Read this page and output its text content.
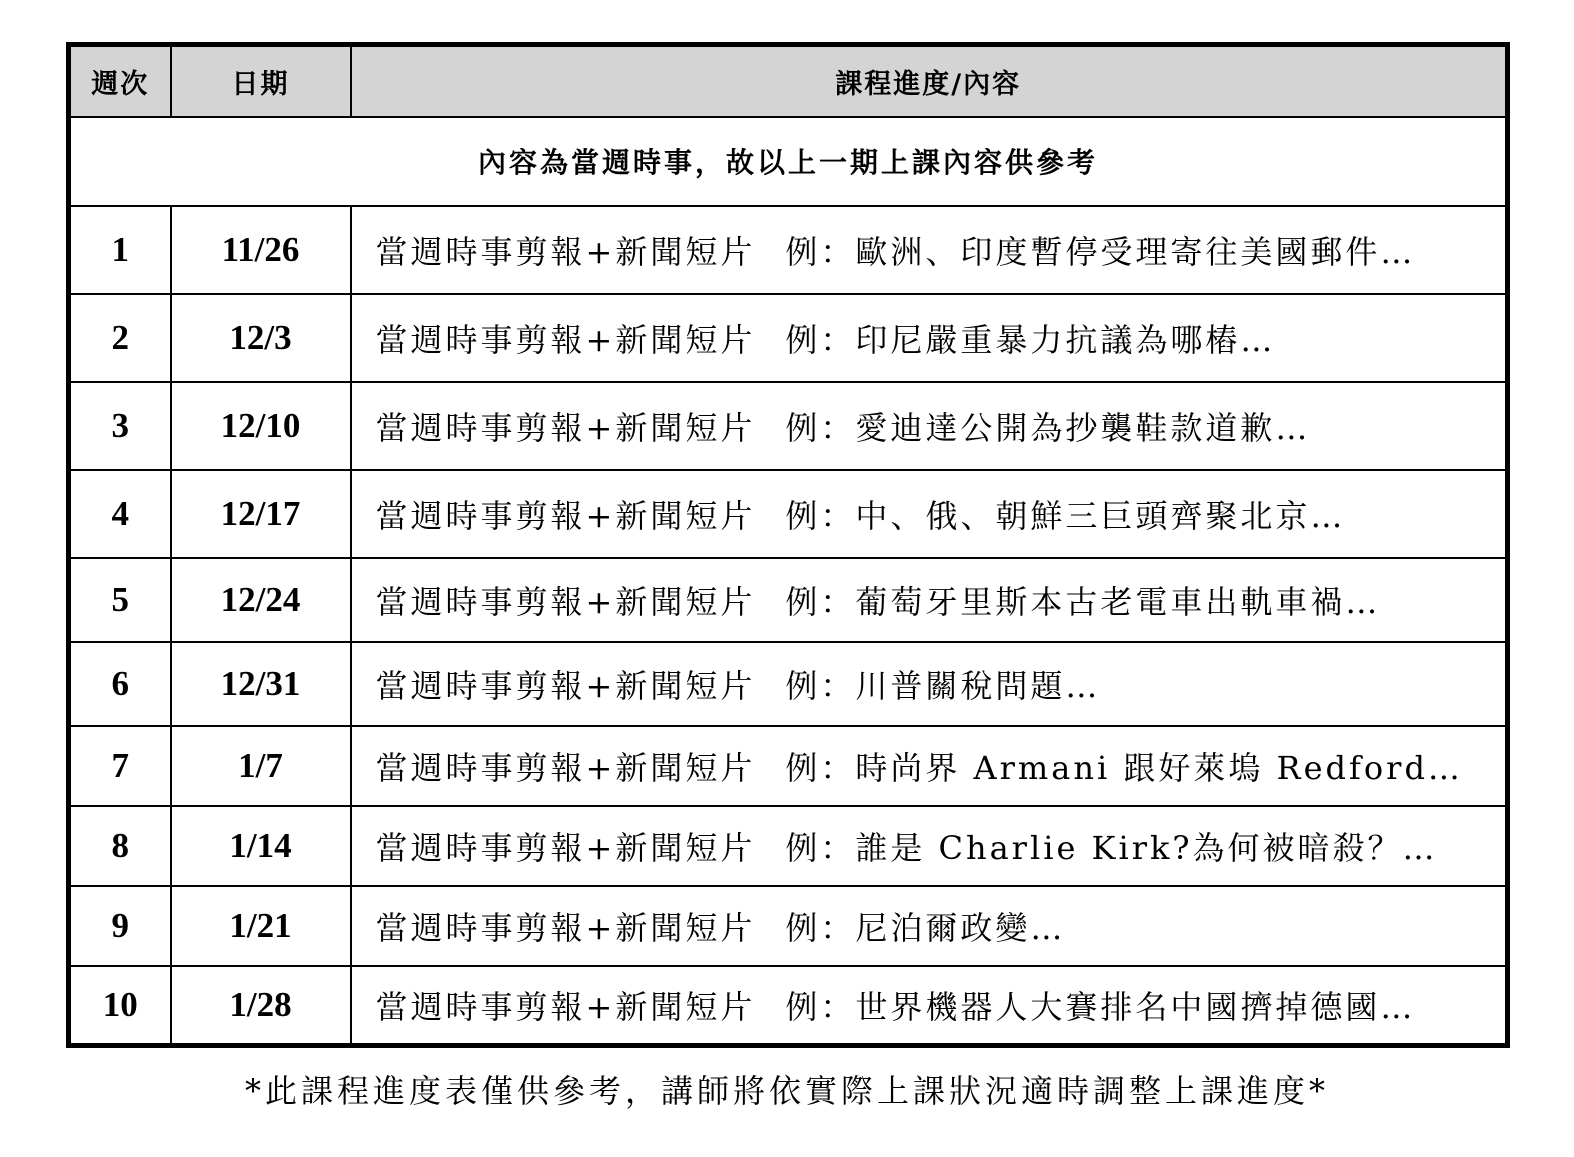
週次	日期	課程進度/內容
內容為當週時事，故以上一期上課內容供參考		
1	11/26	當週時事剪報+新聞短片 例：歐洲、印度暫停受理寄往美國郵件…
2	12/3	當週時事剪報+新聞短片 例：印尼嚴重暴力抗議為哪樁…
3	12/10	當週時事剪報+新聞短片 例：愛迪達公開為抄襲鞋款道歉…
4	12/17	當週時事剪報+新聞短片 例：中、俄、朝鮮三巨頭齊聚北京…
5	12/24	當週時事剪報+新聞短片 例：葡萄牙里斯本古老電車出軌車禍…
6	12/31	當週時事剪報+新聞短片 例：川普關稅問題…
7	1/7	當週時事剪報+新聞短片 例：時尚界 Armani 跟好萊塢 Redford…
8	1/14	當週時事剪報+新聞短片 例：誰是 Charlie Kirk?為何被暗殺？…
9	1/21	當週時事剪報+新聞短片 例：尼泊爾政變…
10	1/28	當週時事剪報+新聞短片 例：世界機器人大賽排名中國擠掉德國…
*此課程進度表僅供參考，講師將依實際上課狀況適時調整上課進度*
